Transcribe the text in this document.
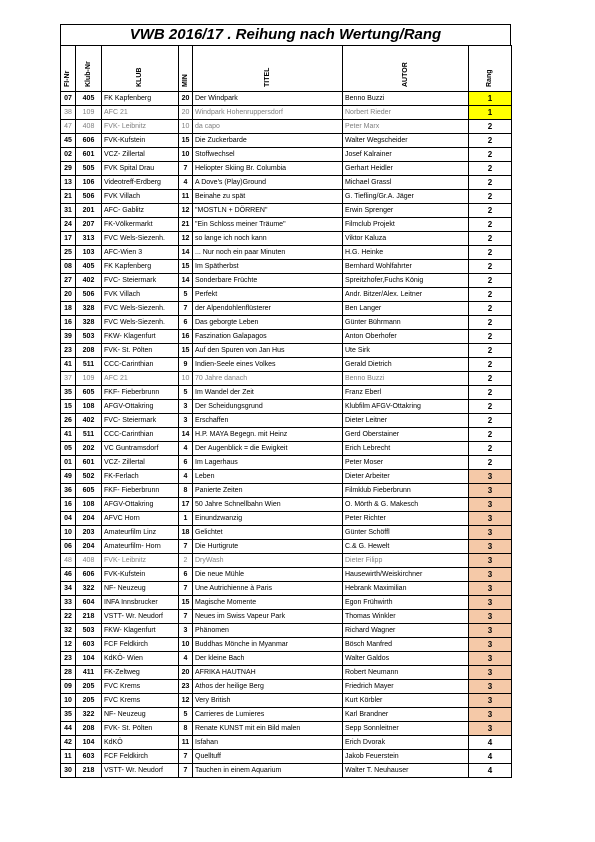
VWB 2016/17 . Reihung nach Wertung/Rang
FI-Nr	Klub-Nr	KLUB	MIN	TITEL	AUTOR	Rang

07	405	FK Kapfenberg	20	Der Windpark	Benno Buzzi	1
38	109	AFC 21	20	Windpark Hohenruppersdorf	Norbert Rieder	1
47	408	FVK- Leibnitz	10	da capo	Peter Marx	2
45	606	FVK-Kufstein	15	Die Zuckerbarde	Walter Wegscheider	2
02	601	VCZ- Zillertal	10	Stoffwechsel	Josef Kalrainer	2
29	505	FVK Spital Drau	7	Heliopter Skiing Br. Columbia	Gerhart Heidler	2
13	106	Videotreff-Erdberg	4	A Dove's (Play)Ground	Michael Grassl	2
21	506	FVK Villach	11	Beinahe zu spät	G. Tiefling/Gr.A. Jäger	2
31	201	AFC- Gablitz	12	"MOSTLN + DÖRREN"	Erwin Sprenger	2
24	207	FK-Völkermarkt	21	"Ein Schloss meiner Träume"	Filmclub Projekt	2
17	313	FVC Wels-Siezenh.	12	so lange ich noch kann	Viktor Kaluza	2
25	103	AFC-Wien 3	14	... Nur noch ein paar Minuten	H.G. Heinke	2
08	405	FK Kapfenberg	15	Im Spätherbst	Bernhard Wohlfahrter	2
27	402	FVC- Steiermark	14	Sonderbare Früchte	Spreitzhofer,Fuchs König	2
20	506	FVK Villach	5	Perfekt	Andr. Bitzer/Alex. Leitner	2
18	328	FVC Wels-Siezenh.	7	der Alpendohlenflüsterer	Ben Langer	2
16	328	FVC Wels-Siezenh.	6	Das geborgte Leben	Günter Bührmann	2
39	503	FKW- Klagenfurt	16	Faszination Galapagos	Anton Oberhofer	2
23	208	FVK- St. Pölten	15	Auf den Spuren von Jan Hus	Ute Sirk	2
41	511	CCC-Carinthian	9	Indien-Seele eines Volkes	Gerald Dietrich	2
37	109	AFC 21	10	70 Jahre danach	Benno Buzzi	2
35	605	FKF- Fieberbrunn	5	Im Wandel der Zeit	Franz Eberl	2
15	108	AFGV-Ottakring	3	Der Scheidungsgrund	Klubfilm AFGV-Ottakring	2
26	402	FVC- Steiermark	3	Erschaffen	Dieter Leitner	2
41	511	CCC-Carinthian	14	H.P. MAYA Begegn. mit Heinz	Gerd Oberstainer	2
05	202	VC Guntramsdorf	4	Der Augenblick = die Ewigkeit	Erich Lebrecht	2
01	601	VCZ- Zillertal	6	Im Lagerhaus	Peter Moser	2
49	502	FK-Ferlach	4	Leben	Dieter Arbeiter	3
36	605	FKF- Fieberbrunn	8	Panierte Zeiten	Filmklub Fieberbrunn	3
16	108	AFGV-Ottakring	17	50 Jahre Schnellbahn Wien	O. Mörth & G. Makesch	3
04	204	AFVC Horn	1	Einundzwanzig	Peter Richter	3
10	203	Amateurfilm Linz	18	Gelichtet	Günter Schöffl	3
06	204	Amateurfilm- Horn	7	Die Hurtigrute	C.& G. Hewelt	3
48	408	FVK- Leibnitz	2	DryWash	Dieter Filipp	3
46	606	FVK-Kufstein	6	Die neue Mühle	Hausewirth/Weiskirchner	3
34	322	NF- Neuzeug	7	Une Autrichienne à Paris	Hebrank Maximilian	3
33	604	INFA Innsbrucker	15	Magische Momente	Egon Frühwirth	3
22	218	VSTT- Wr. Neudorf	7	Neues im Swiss Vapeur Park	Thomas Winkler	3
32	503	FKW- Klagenfurt	3	Phänomen	Richard Wagner	3
12	603	FCF Feldkirch	10	Buddhas Mönche in Myanmar	Bösch Manfred	3
23	104	KdKÖ- Wien	4	Der kleine Bach	Walter Galdos	3
28	411	FK-Zeltweg	20	AFRIKA HAUTNAH	Robert Neumann	3
09	205	FVC Krems	23	Athos der heilige Berg	Friedrich Mayer	3
10	205	FVC Krems	12	Very British	Kurt Körbler	3
35	322	NF- Neuzeug	5	Carrieres de Lumieres	Karl Brandner	3
44	208	FVK- St. Pölten	8	Renate KUNST mit ein Bild malen	Sepp Sonnleitner	3
42	104	KdKÖ	11	Isfahan	Erich Dvorak	4
11	603	FCF Feldkirch	7	Quelltuff	Jakob Feuerstein	4
30	218	VSTT- Wr. Neudorf	7	Tauchen in einem Aquarium	Walter T. Neuhauser	4
